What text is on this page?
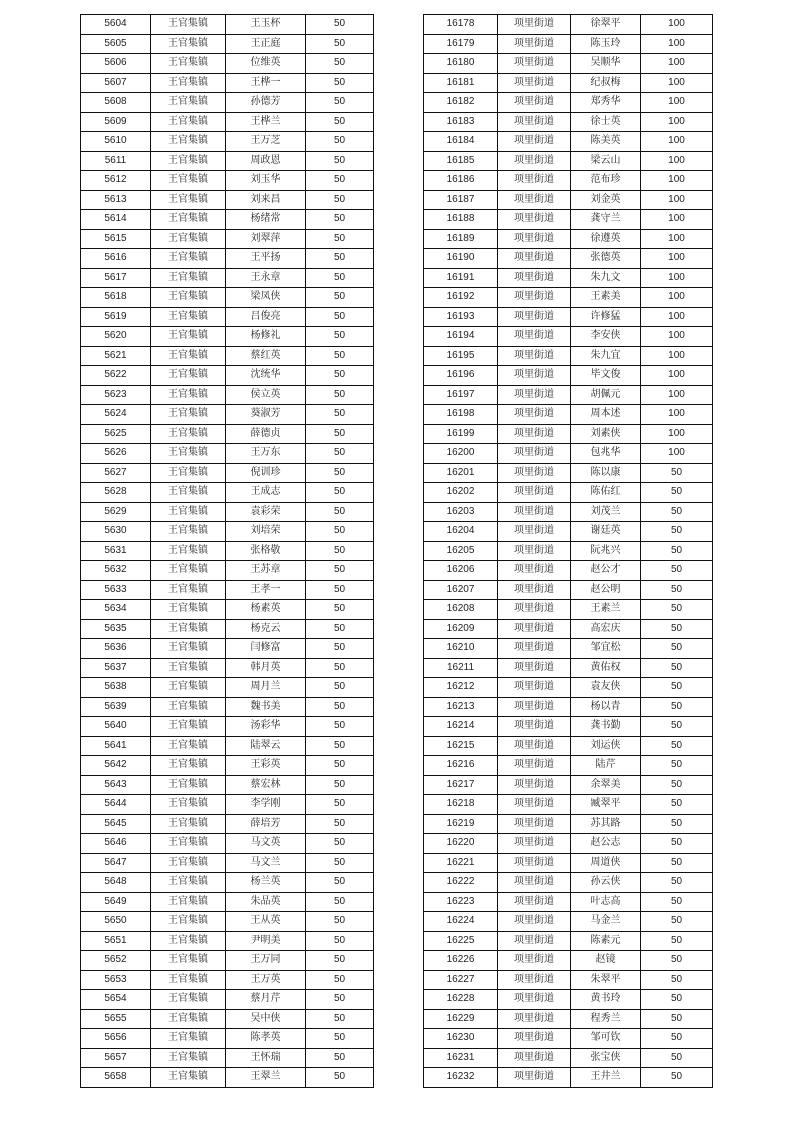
5604	王官集镇	王玉杯	50
5605	王官集镇	王正庭	50
5606	王官集镇	位维英	50
5607	王官集镇	王桦一	50
5608	王官集镇	孙德芳	50
5609	王官集镇	王桦兰	50
5610	王官集镇	王万芝	50
5611	王官集镇	周政恩	50
5612	王官集镇	刘玉华	50
5613	王官集镇	刘来昌	50
5614	王官集镇	杨绪常	50
5615	王官集镇	刘翠萍	50
5616	王官集镇	王平扬	50
5617	王官集镇	王永章	50
5618	王官集镇	梁凤侠	50
5619	王官集镇	吕俊亮	50
5620	王官集镇	杨修礼	50
5621	王官集镇	蔡红英	50
5622	王官集镇	沈统华	50
5623	王官集镇	侯立英	50
5624	王官集镇	葵淑芳	50
5625	王官集镇	薛德贞	50
5626	王官集镇	王万东	50
5627	王官集镇	倪训珍	50
5628	王官集镇	王成志	50
5629	王官集镇	袁彩荣	50
5630	王官集镇	刘培荣	50
5631	王官集镇	张格敬	50
5632	王官集镇	王苏章	50
5633	王官集镇	王孝一	50
5634	王官集镇	杨素英	50
5635	王官集镇	杨克云	50
5636	王官集镇	闫修富	50
5637	王官集镇	韩月英	50
5638	王官集镇	周月兰	50
5639	王官集镇	魏书美	50
5640	王官集镇	汤彩华	50
5641	王官集镇	陆翠云	50
5642	王官集镇	王彩英	50
5643	王官集镇	蔡宏林	50
5644	王官集镇	李学刚	50
5645	王官集镇	薛培芳	50
5646	王官集镇	马文英	50
5647	王官集镇	马文兰	50
5648	王官集镇	杨兰英	50
5649	王官集镇	朱品英	50
5650	王官集镇	王从英	50
5651	王官集镇	尹明美	50
5652	王官集镇	王万同	50
5653	王官集镇	王万英	50
5654	王官集镇	蔡月芹	50
5655	王官集镇	吴中侠	50
5656	王官集镇	陈孝英	50
5657	王官集镇	王怀瑞	50
5658	王官集镇	王翠兰	50
16178	项里街道	徐翠平	100
16179	项里街道	陈玉玲	100
16180	项里街道	吴顺华	100
16181	项里街道	纪叔梅	100
16182	项里街道	郑秀华	100
16183	项里街道	徐士英	100
16184	项里街道	陈美英	100
16185	项里街道	梁云山	100
16186	项里街道	范布珍	100
16187	项里街道	刘金英	100
16188	项里街道	龚守兰	100
16189	项里街道	徐遵英	100
16190	项里街道	张德英	100
16191	项里街道	朱九文	100
16192	项里街道	王素美	100
16193	项里街道	许修猛	100
16194	项里街道	李安侠	100
16195	项里街道	朱九宜	100
16196	项里街道	毕文俊	100
16197	项里街道	胡佩元	100
16198	项里街道	周本述	100
16199	项里街道	刘素侠	100
16200	项里街道	包兆华	100
16201	项里街道	陈以康	50
16202	项里街道	陈佑红	50
16203	项里街道	刘茂兰	50
16204	项里街道	谢廷英	50
16205	项里街道	阮兆兴	50
16206	项里街道	赵公才	50
16207	项里街道	赵公明	50
16208	项里街道	王素兰	50
16209	项里街道	高宏庆	50
16210	项里街道	邹宜松	50
16211	项里街道	黄佑权	50
16212	项里街道	袁友侠	50
16213	项里街道	杨以青	50
16214	项里街道	龚书勤	50
16215	项里街道	刘运侠	50
16216	项里街道	陆芹	50
16217	项里街道	余翠美	50
16218	项里街道	臧翠平	50
16219	项里街道	苏其路	50
16220	项里街道	赵公志	50
16221	项里街道	周道侠	50
16222	项里街道	孙云侠	50
16223	项里街道	叶志高	50
16224	项里街道	马金兰	50
16225	项里街道	陈素元	50
16226	项里街道	赵镜	50
16227	项里街道	朱翠平	50
16228	项里街道	黄书玲	50
16229	项里街道	程秀兰	50
16230	项里街道	邹可钦	50
16231	项里街道	张宝侠	50
16232	项里街道	王井兰	50
